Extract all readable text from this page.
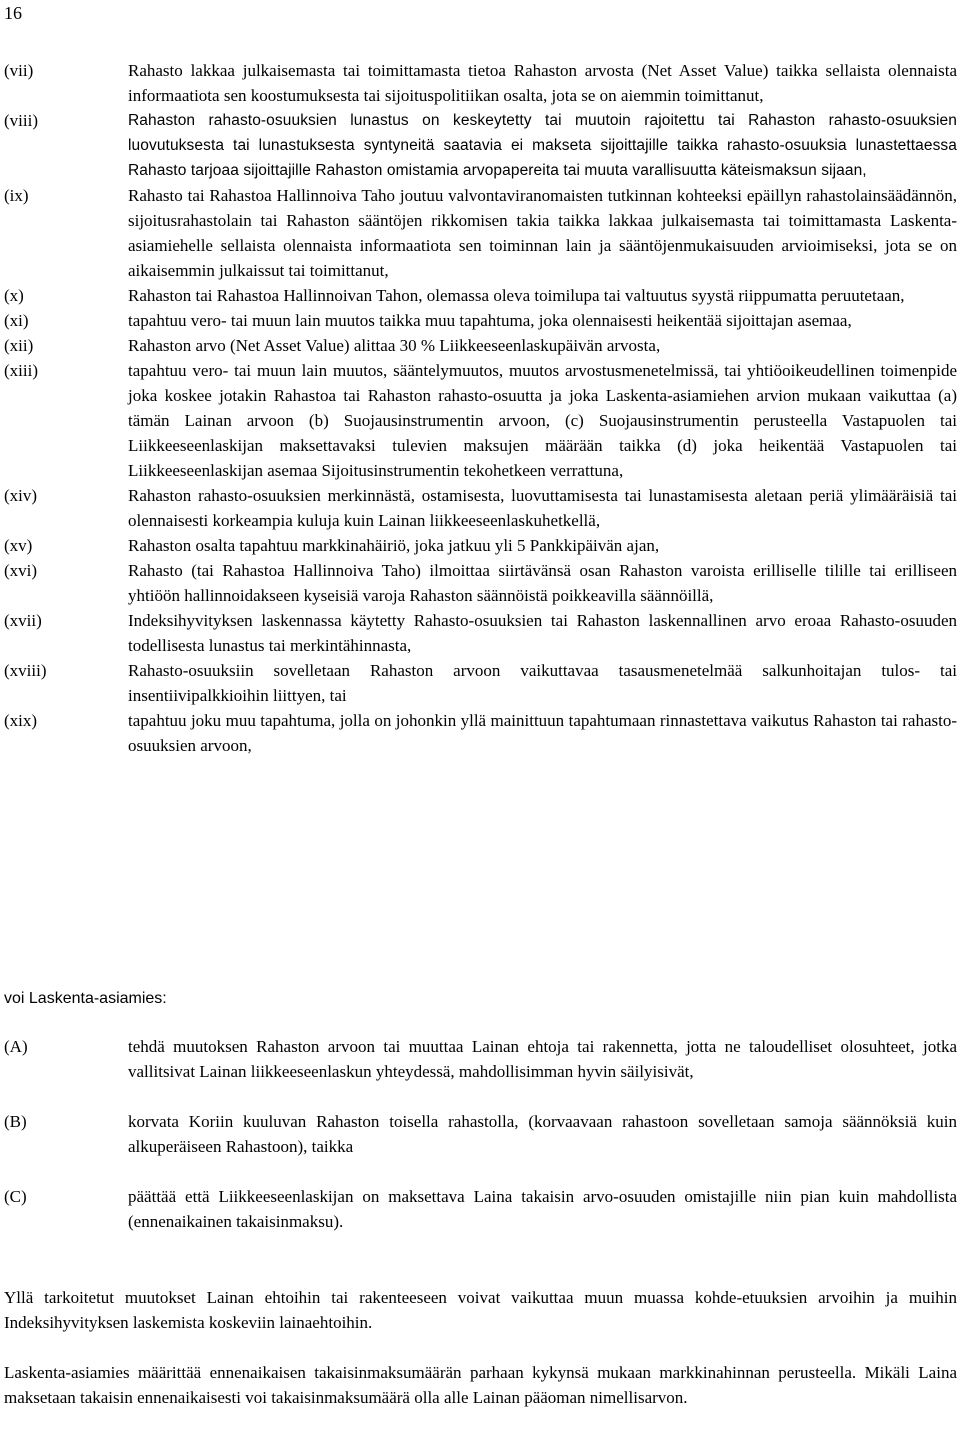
16
(vii)	Rahasto lakkaa julkaisemasta tai toimittamasta tietoa Rahaston arvosta (Net Asset Value) taikka sellaista olennaista informaatiota sen koostumuksesta tai sijoituspolitiikan osalta, jota se on aiemmin toimittanut,
(viii)	Rahaston rahasto-osuuksien lunastus on keskeytetty tai muutoin rajoitettu tai Rahaston rahasto-osuuksien luovutuksesta tai lunastuksesta syntyneitä saatavia ei makseta sijoittajille taikka rahasto-osuuksia lunastettaessa Rahasto tarjoaa sijoittajille Rahaston omistamia arvopapereita tai muuta varallisuutta käteismaksun sijaan,
(ix)	Rahasto tai Rahastoa Hallinnoiva Taho joutuu valvontaviranomaisten tutkinnan kohteeksi epäillyn rahastolainsäädännön, sijoitusrahastolain tai Rahaston sääntöjen rikkomisen takia taikka lakkaa julkaisemasta tai toimittamasta Laskenta-asiamiehelle sellaista olennaista informaatiota sen toiminnan lain ja sääntöjenmukaisuuden arvioimiseksi, jota se on aikaisemmin julkaissut tai toimittanut,
(x)	Rahaston tai Rahastoa Hallinnoivan Tahon, olemassa oleva toimilupa tai valtuutus syystä riippumatta peruutetaan,
(xi)	tapahtuu vero- tai muun lain muutos taikka muu tapahtuma, joka olennaisesti heikentää sijoittajan asemaa,
(xii)	Rahaston arvo (Net Asset Value) alittaa 30 % Liikkeeseenlaskupäivän arvosta,
(xiii)	tapahtuu vero- tai muun lain muutos, sääntelymuutos, muutos arvostusmenetelmissä, tai yhtiöoikeudellinen toimenpide joka koskee jotakin Rahastoa tai Rahaston rahasto-osuutta ja joka Laskenta-asiamiehen arvion mukaan vaikuttaa (a) tämän Lainan arvoon (b) Suojausinstrumentin arvoon, (c) Suojausinstrumentin perusteella Vastapuolen tai Liikkeeseenlaskijan maksettavaksi tulevien maksujen määrään taikka (d) joka heikentää Vastapuolen tai Liikkeeseenlaskijan asemaa Sijoitusinstrumentin tekohetkeen verrattuna,
(xiv)	Rahaston rahasto-osuuksien merkinnästä, ostamisesta, luovuttamisesta tai lunastamisesta aletaan periä ylimääräisiä tai olennaisesti korkeampia kuluja kuin Lainan liikkeeseenlaskuhetkellä,
(xv)	Rahaston osalta tapahtuu markkinahäiriö, joka jatkuu yli 5 Pankkipäivän ajan,
(xvi)	Rahasto (tai Rahastoa Hallinnoiva Taho) ilmoittaa siirtävänsä osan Rahaston varoista erilliselle tilille tai erilliseen yhtiöön hallinnoidakseen kyseisiä varoja Rahaston säännöistä poikkeavilla säännöillä,
(xvii)	Indeksihyvityksen laskennassa käytetty Rahasto-osuuksien tai Rahaston laskennallinen arvo eroaa Rahasto-osuuden todellisesta lunastus tai merkintähinnasta,
(xviii)	Rahasto-osuuksiin sovelletaan Rahaston arvoon vaikuttavaa tasausmenetelmää salkunhoitajan tulos- tai insentiivipalkkioihin liittyen, tai
(xix)	tapahtuu joku muu tapahtuma, jolla on johonkin yllä mainittuun tapahtumaan rinnastettava vaikutus Rahaston tai rahasto-osuuksien arvoon,
voi Laskenta-asiamies:
(A)	tehdä muutoksen Rahaston arvoon tai muuttaa Lainan ehtoja tai rakennetta, jotta ne taloudelliset olosuhteet, jotka vallitsivat Lainan liikkeeseenlaskun yhteydessä, mahdollisimman hyvin säilyisivät,
(B)	korvata Koriin kuuluvan Rahaston toisella rahastolla, (korvaavaan rahastoon sovelletaan samoja säännöksiä kuin alkuperäiseen Rahastoon), taikka
(C)	päättää että Liikkeeseenlaskijan on maksettava Laina takaisin arvo-osuuden omistajille niin pian kuin mahdollista (ennenaikainen takaisinmaksu).

Yllä tarkoitetut muutokset Lainan ehtoihin tai rakenteeseen voivat vaikuttaa muun muassa kohde-etuuksien arvoihin ja muihin Indeksihyvityksen laskemista koskeviin lainaehtoihin.

Laskenta-asiamies määrittää ennenaikaisen takaisinmaksumäärän parhaan kykynsä mukaan markkinahinnan perusteella. Mikäli Laina maksetaan takaisin ennenaikaisesti voi takaisinmaksumäärä olla alle Lainan pääoman nimellisarvon.
